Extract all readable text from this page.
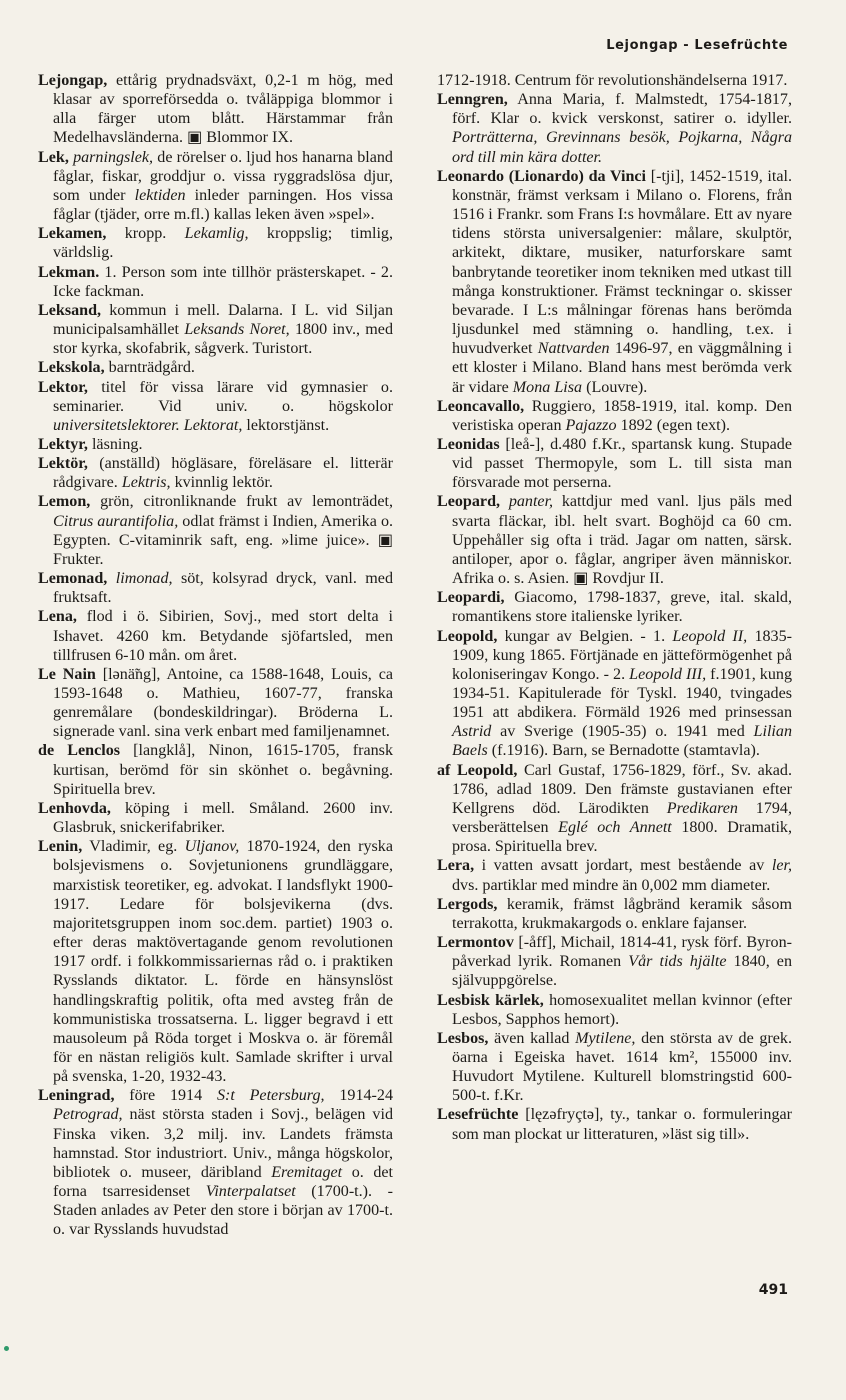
Lejongap - Lesefrüchte

Lejongap, ettårig prydnadsväxt, 0,2-1 m hög, med klasar av sporreförsedda o. tvåläppiga blommor i alla färger utom blått. Härstammar från Medelhavsländerna. ▣ Blommor IX.

Lek, parningslek, de rörelser o. ljud hos hanarna bland fåglar, fiskar, groddjur o. vissa ryggradslösa djur, som under lektiden inleder parningen. Hos vissa fåglar (tjäder, orre m.fl.) kallas leken även »spel».

Lekamen, kropp. Lekamlig, kroppslig; timlig, världslig.

Lekman. 1. Person som inte tillhör prästerskapet. - 2. Icke fackman.

Leksand, kommun i mell. Dalarna. I L. vid Siljan municipalsamhället Leksands Noret, 1800 inv., med stor kyrka, skofabrik, sågverk. Turistort.

Lekskola, barnträdgård.

Lektor, titel för vissa lärare vid gymnasier o. seminarier. Vid univ. o. högskolor universitetslektorer. Lektorat, lektorstjänst.

Lektyr, läsning.

Lektör, (anställd) högläsare, föreläsare el. litterär rådgivare. Lektris, kvinnlig lektör.

Lemon, grön, citronliknande frukt av lemonträdet, Citrus aurantifolia, odlat främst i Indien, Amerika o. Egypten. C-vitaminrik saft, eng. »lime juice». ▣ Frukter.

Lemonad, limonad, söt, kolsyrad dryck, vanl. med fruktsaft.

Lena, flod i ö. Sibirien, Sovj., med stort delta i Ishavet. 4260 km. Betydande sjöfartsled, men tillfrusen 6-10 mån. om året.

Le Nain [lənä̃ng], Antoine, ca 1588-1648, Louis, ca 1593-1648 o. Mathieu, 1607-77, franska genremålare (bondeskildringar). Bröderna L. signerade vanl. sina verk enbart med familjenamnet.

de Lenclos [langklå], Ninon, 1615-1705, fransk kurtisan, berömd för sin skönhet o. begåvning. Spirituella brev.

Lenhovda, köping i mell. Småland. 2600 inv. Glasbruk, snickerifabriker.

Lenin, Vladimir, eg. Uljanov, 1870-1924, den ryska bolsjevismens o. Sovjetunionens grundläggare, marxistisk teoretiker, eg. advokat. I landsflykt 1900-1917. Ledare för bolsjevikerna (dvs. majoritetsgruppen inom soc.dem. partiet) 1903 o. efter deras maktövertagande genom revolutionen 1917 ordf. i folkkommissariernas råd o. i praktiken Rysslands diktator. L. förde en hänsynslöst handlingskraftig politik, ofta med avsteg från de kommunistiska trossatserna. L. ligger begravd i ett mausoleum på Röda torget i Moskva o. är föremål för en nästan religiös kult. Samlade skrifter i urval på svenska, 1-20, 1932-43.

Leningrad, före 1914 S:t Petersburg, 1914-24 Petrograd, näst största staden i Sovj., belägen vid Finska viken. 3,2 milj. inv. Landets främsta hamnstad. Stor industriort. Univ., många högskolor, bibliotek o. museer, däribland Eremitaget o. det forna tsarresidenset Vinterpalatset (1700-t.). - Staden anlades av Peter den store i början av 1700-t. o. var Rysslands huvudstad

1712-1918. Centrum för revolutionshändelserna 1917.

Lenngren, Anna Maria, f. Malmstedt, 1754-1817, förf. Klar o. kvick verskonst, satirer o. idyller. Porträtterna, Grevinnans besök, Pojkarna, Några ord till min kära dotter.

Leonardo (Lionardo) da Vinci [-tji], 1452-1519, ital. konstnär, främst verksam i Milano o. Florens, från 1516 i Frankr. som Frans I:s hovmålare. Ett av nyare tidens största universalgenier: målare, skulptör, arkitekt, diktare, musiker, naturforskare samt banbrytande teoretiker inom tekniken med utkast till många konstruktioner. Främst teckningar o. skisser bevarade. I L:s målningar förenas hans berömda ljusdunkel med stämning o. handling, t.ex. i huvudverket Nattvarden 1496-97, en väggmålning i ett kloster i Milano. Bland hans mest berömda verk är vidare Mona Lisa (Louvre).

Leoncavallo, Ruggiero, 1858-1919, ital. komp. Den veristiska operan Pajazzo 1892 (egen text).

Leonidas [leå-], d.480 f.Kr., spartansk kung. Stupade vid passet Thermopyle, som L. till sista man försvarade mot perserna.

Leopard, panter, kattdjur med vanl. ljus päls med svarta fläckar, ibl. helt svart. Boghöjd ca 60 cm. Uppehåller sig ofta i träd. Jagar om natten, särsk. antiloper, apor o. fåglar, angriper även människor. Afrika o. s. Asien. ▣ Rovdjur II.

Leopardi, Giacomo, 1798-1837, greve, ital. skald, romantikens store italienske lyriker.

Leopold, kungar av Belgien. - 1. Leopold II, 1835-1909, kung 1865. Förtjänade en jätteförmögenhet på koloniseringav Kongo. - 2. Leopold III, f.1901, kung 1934-51. Kapitulerade för Tyskl. 1940, tvingades 1951 att abdikera. Förmäld 1926 med prinsessan Astrid av Sverige (1905-35) o. 1941 med Lilian Baels (f.1916). Barn, se Bernadotte (stamtavla).

af Leopold, Carl Gustaf, 1756-1829, förf., Sv. akad. 1786, adlad 1809. Den främste gustavianen efter Kellgrens död. Lärodikten Predikaren 1794, versberättelsen Eglé och Annett 1800. Dramatik, prosa. Spirituella brev.

Lera, i vatten avsatt jordart, mest bestående av ler, dvs. partiklar med mindre än 0,002 mm diameter.

Lergods, keramik, främst lågbränd keramik såsom terrakotta, krukmakargods o. enklare fajanser.

Lermontov [-åff], Michail, 1814-41, rysk förf. Byron-påverkad lyrik. Romanen Vår tids hjälte 1840, en självuppgörelse.

Lesbisk kärlek, homosexualitet mellan kvinnor (efter Lesbos, Sapphos hemort).

Lesbos, även kallad Mytilene, den största av de grek. öarna i Egeiska havet. 1614 km², 155000 inv. Huvudort Mytilene. Kulturell blomstringstid 600-500-t. f.Kr.

Lesefrüchte [lęzəfryçtə], ty., tankar o. formuleringar som man plockat ur litteraturen, »läst sig till».

491
